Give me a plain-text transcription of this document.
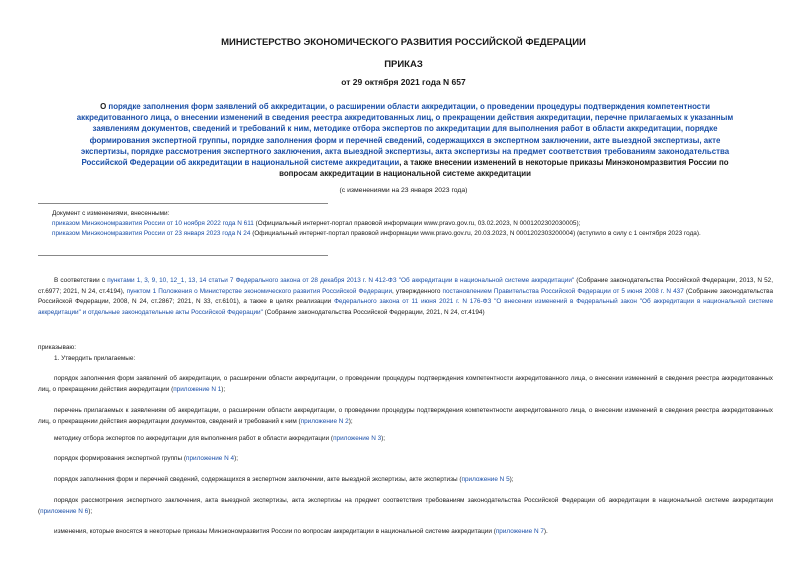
МИНИСТЕРСТВО ЭКОНОМИЧЕСКОГО РАЗВИТИЯ РОССИЙСКОЙ ФЕДЕРАЦИИ
ПРИКАЗ
от 29 октября 2021 года N 657
О порядке заполнения форм заявлений об аккредитации, о расширении области аккредитации, о проведении процедуры подтверждения компетентности аккредитованного лица, о внесении изменений в сведения реестра аккредитованных лиц, о прекращении действия аккредитации, перечне прилагаемых к указанным заявлениям документов, сведений и требований к ним, методике отбора экспертов по аккредитации для выполнения работ в области аккредитации, порядке формирования экспертной группы, порядке заполнения форм и перечней сведений, содержащихся в экспертном заключении, акте выездной экспертизы, акте экспертизы, порядке рассмотрения экспертного заключения, акта выездной экспертизы, акта экспертизы на предмет соответствия требованиям законодательства Российской Федерации об аккредитации в национальной системе аккредитации, а также внесении изменений в некоторые приказы Минэкономразвития России по вопросам аккредитации в национальной системе аккредитации
(с изменениями на 23 января 2023 года)
Документ с изменениями, внесенными:
приказом Минэкономразвития России от 10 ноября 2022 года N 611 (Официальный интернет-портал правовой информации www.pravo.gov.ru, 03.02.2023, N 0001202302030005);
приказом Минэкономразвития России от 23 января 2023 года N 24 (Официальный интернет-портал правовой информации www.pravo.gov.ru, 20.03.2023, N 0001202303200004) (вступило в силу с 1 сентября 2023 года).
В соответствии с пунктами 1, 3, 9, 10, 12_1, 13, 14 статьи 7 Федерального закона от 28 декабря 2013 г. N 412-ФЗ "Об аккредитации в национальной системе аккредитации" (Собрание законодательства Российской Федерации, 2013, N 52, ст.6977; 2021, N 24, ст.4194), пунктом 1 Положения о Министерстве экономического развития Российской Федерации, утвержденного постановлением Правительства Российской Федерации от 5 июня 2008 г. N 437 (Собрание законодательства Российской Федерации, 2008, N 24, ст.2867; 2021, N 33, ст.6101), а также в целях реализации Федерального закона от 11 июня 2021 г. N 176-ФЗ "О внесении изменений в Федеральный закон "Об аккредитации в национальной системе аккредитации" и отдельные законодательные акты Российской Федерации" (Собрание законодательства Российской Федерации, 2021, N 24, ст.4194)
приказываю:
1. Утвердить прилагаемые:
порядок заполнения форм заявлений об аккредитации, о расширении области аккредитации, о проведении процедуры подтверждения компетентности аккредитованного лица, о внесении изменений в сведения реестра аккредитованных лиц, о прекращении действия аккредитации (приложение N 1);
перечень прилагаемых к заявлениям об аккредитации, о расширении области аккредитации, о проведении процедуры подтверждения компетентности аккредитованного лица, о внесении изменений в сведения реестра аккредитованных лиц, о прекращении действия аккредитации документов, сведений и требований к ним (приложение N 2);
методику отбора экспертов по аккредитации для выполнения работ в области аккредитации (приложение N 3);
порядок формирования экспертной группы (приложение N 4);
порядок заполнения форм и перечней сведений, содержащихся в экспертном заключении, акте выездной экспертизы, акте экспертизы (приложение N 5);
порядок рассмотрения экспертного заключения, акта выездной экспертизы, акта экспертизы на предмет соответствия требованиям законодательства Российской Федерации об аккредитации в национальной системе аккредитации (приложение N 6);
изменения, которые вносятся в некоторые приказы Минэкономразвития России по вопросам аккредитации в национальной системе аккредитации (приложение N 7).
